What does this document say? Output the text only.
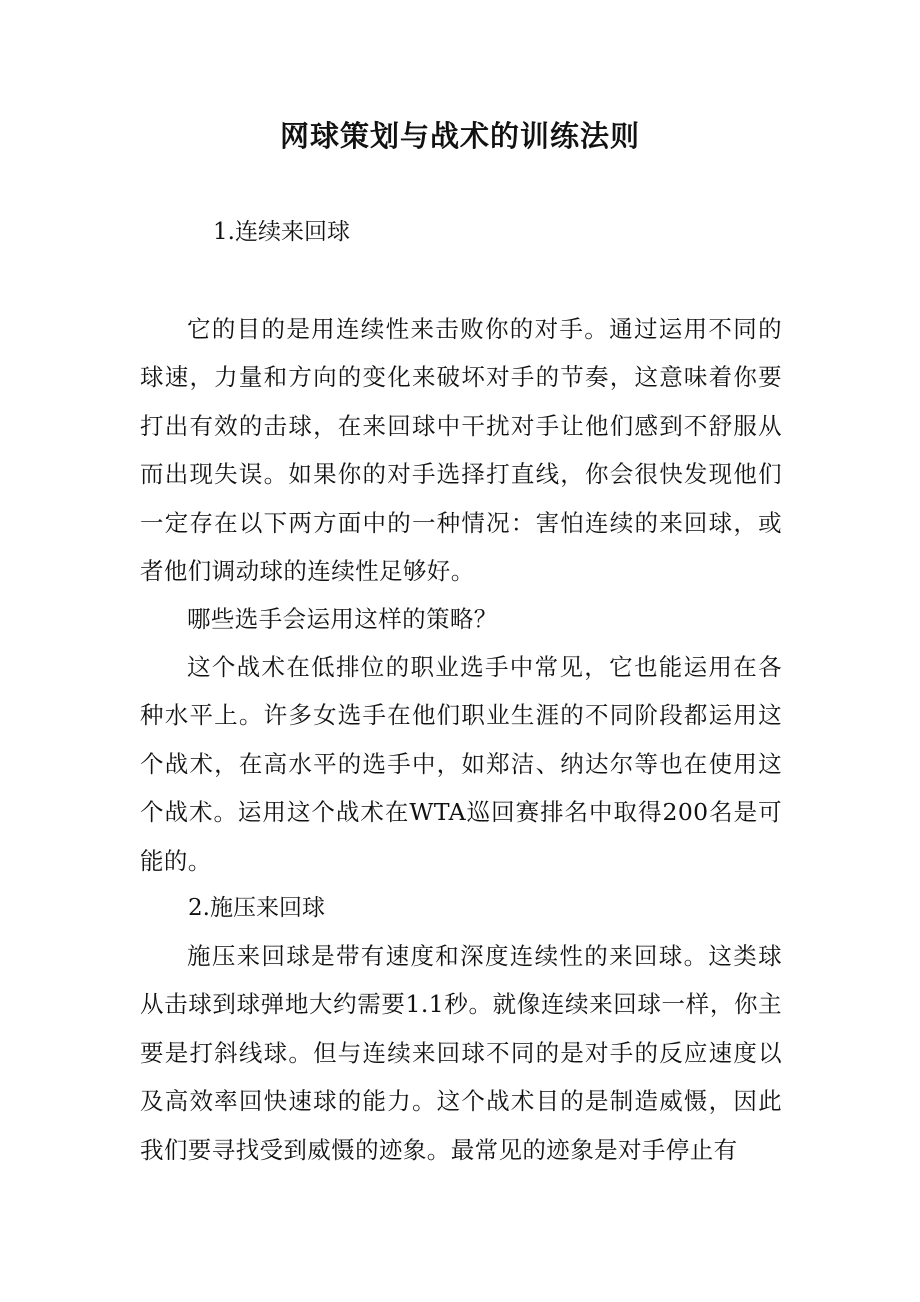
网球策划与战术的训练法则

1.连续来回球

它的目的是用连续性来击败你的对手。通过运用不同的球速，力量和方向的变化来破坏对手的节奏，这意味着你要打出有效的击球，在来回球中干扰对手让他们感到不舒服从而出现失误。如果你的对手选择打直线，你会很快发现他们一定存在以下两方面中的一种情况：害怕连续的来回球，或者他们调动球的连续性足够好。

哪些选手会运用这样的策略？

这个战术在低排位的职业选手中常见，它也能运用在各种水平上。许多女选手在他们职业生涯的不同阶段都运用这个战术，在高水平的选手中，如郑洁、纳达尔等也在使用这个战术。运用这个战术在WTA巡回赛排名中取得200名是可能的。

2.施压来回球

施压来回球是带有速度和深度连续性的来回球。这类球从击球到球弹地大约需要1.1秒。就像连续来回球一样，你主要是打斜线球。但与连续来回球不同的是对手的反应速度以及高效率回快速球的能力。这个战术目的是制造威慑，因此我们要寻找受到威慑的迹象。最常见的迹象是对手停止有
